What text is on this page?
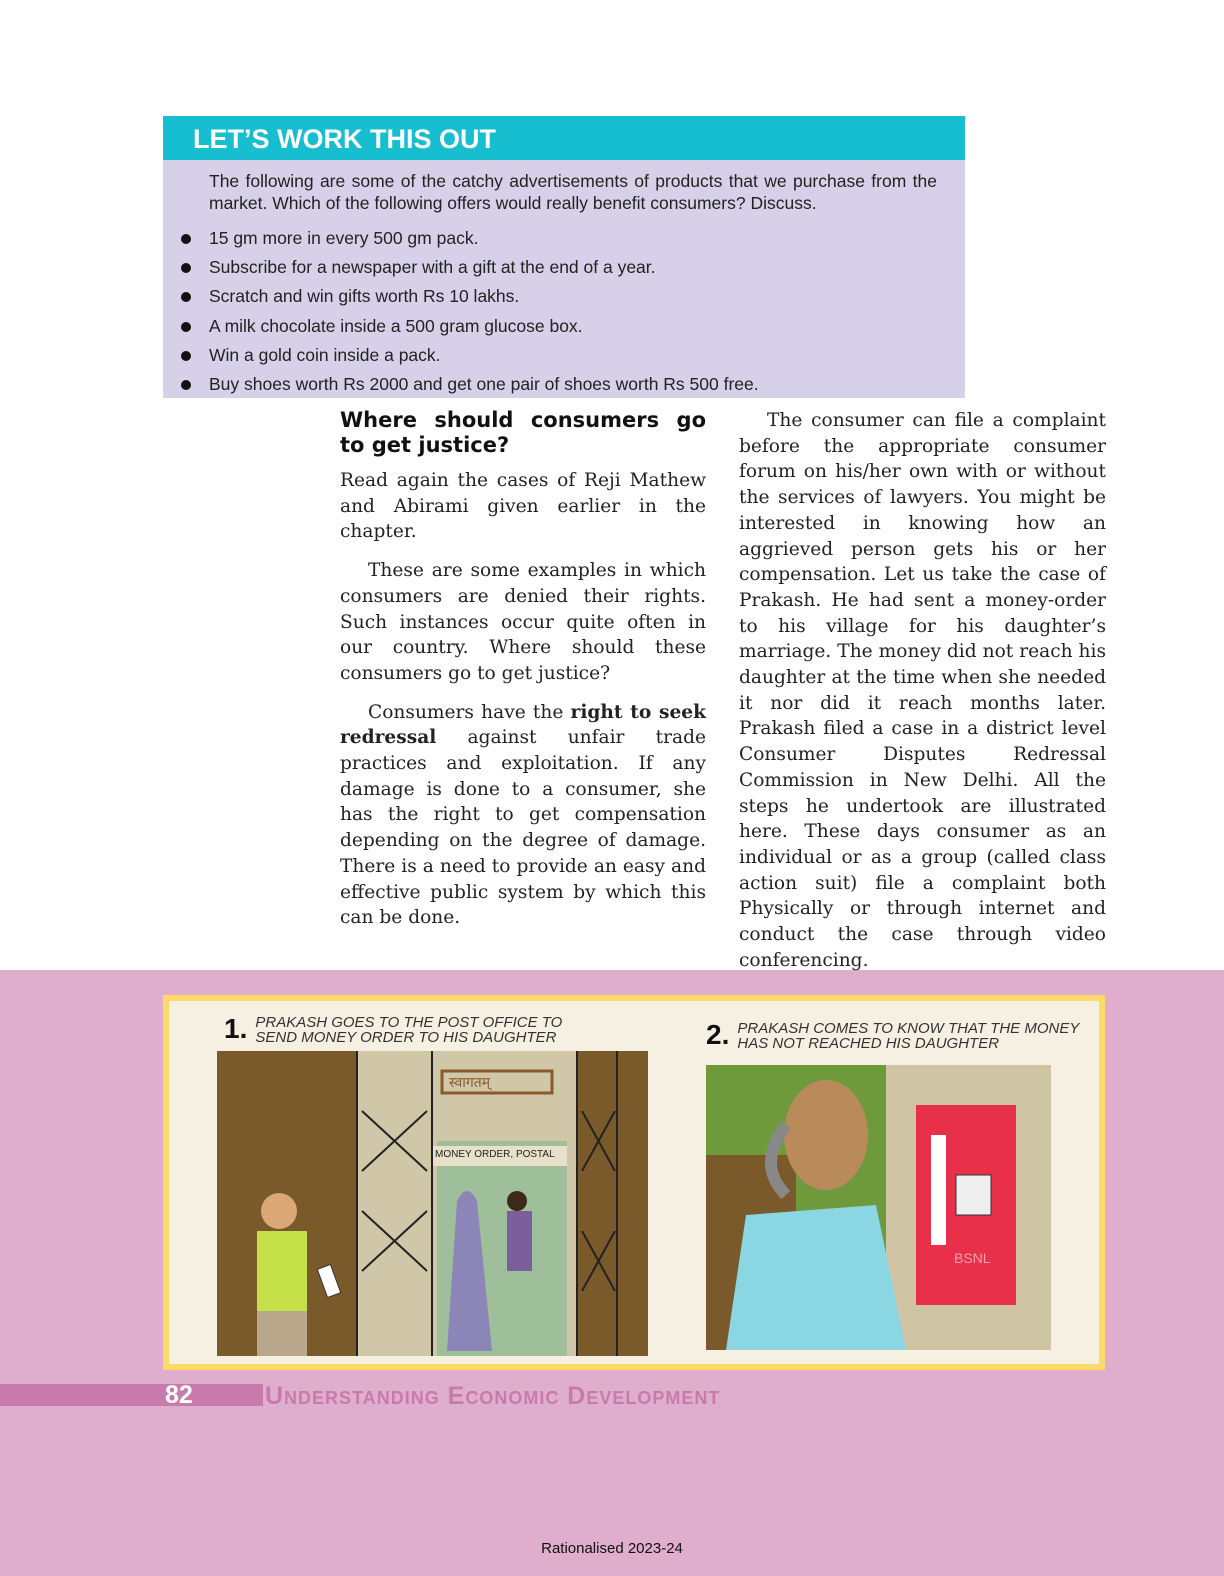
LET’S WORK THIS OUT
The following are some of the catchy advertisements of products that we purchase from the market. Which of the following offers would really benefit consumers? Discuss.
15 gm more in every 500 gm pack.
Subscribe for a newspaper with a gift at the end of a year.
Scratch and win gifts worth Rs 10 lakhs.
A milk chocolate inside a 500 gram glucose box.
Win a gold coin inside a pack.
Buy shoes worth Rs 2000 and get one pair of shoes worth Rs 500 free.
Where should consumers go to get justice?

Read again the cases of Reji Mathew and Abirami given earlier in the chapter.

These are some examples in which consumers are denied their rights. Such instances occur quite often in our country. Where should these consumers go to get justice?

Consumers have the right to seek redressal against unfair trade practices and exploitation. If any damage is done to a consumer, she has the right to get compensation depending on the degree of damage. There is a need to provide an easy and effective public system by which this can be done.

The consumer can file a complaint before the appropriate consumer forum on his/her own with or without the services of lawyers. You might be interested in knowing how an aggrieved person gets his or her compensation. Let us take the case of Prakash. He had sent a money-order to his village for his daughter’s marriage. The money did not reach his daughter at the time when she needed it nor did it reach months later. Prakash filed a case in a district level Consumer Disputes Redressal Commission in New Delhi. All the steps he undertook are illustrated here. These days consumer as an individual or as a group (called class action suit) file a complaint both Physically or through internet and conduct the case through video conferencing.

1. PRAKASH GOES TO THE POST OFFICE TO SEND MONEY ORDER TO HIS DAUGHTER
स्वागतम्
MONEY ORDER, POSTAL
2. PRAKASH COMES TO KNOW THAT THE MONEY HAS NOT REACHED HIS DAUGHTER
BSNL
82	Understanding Economic Development
Rationalised 2023-24
